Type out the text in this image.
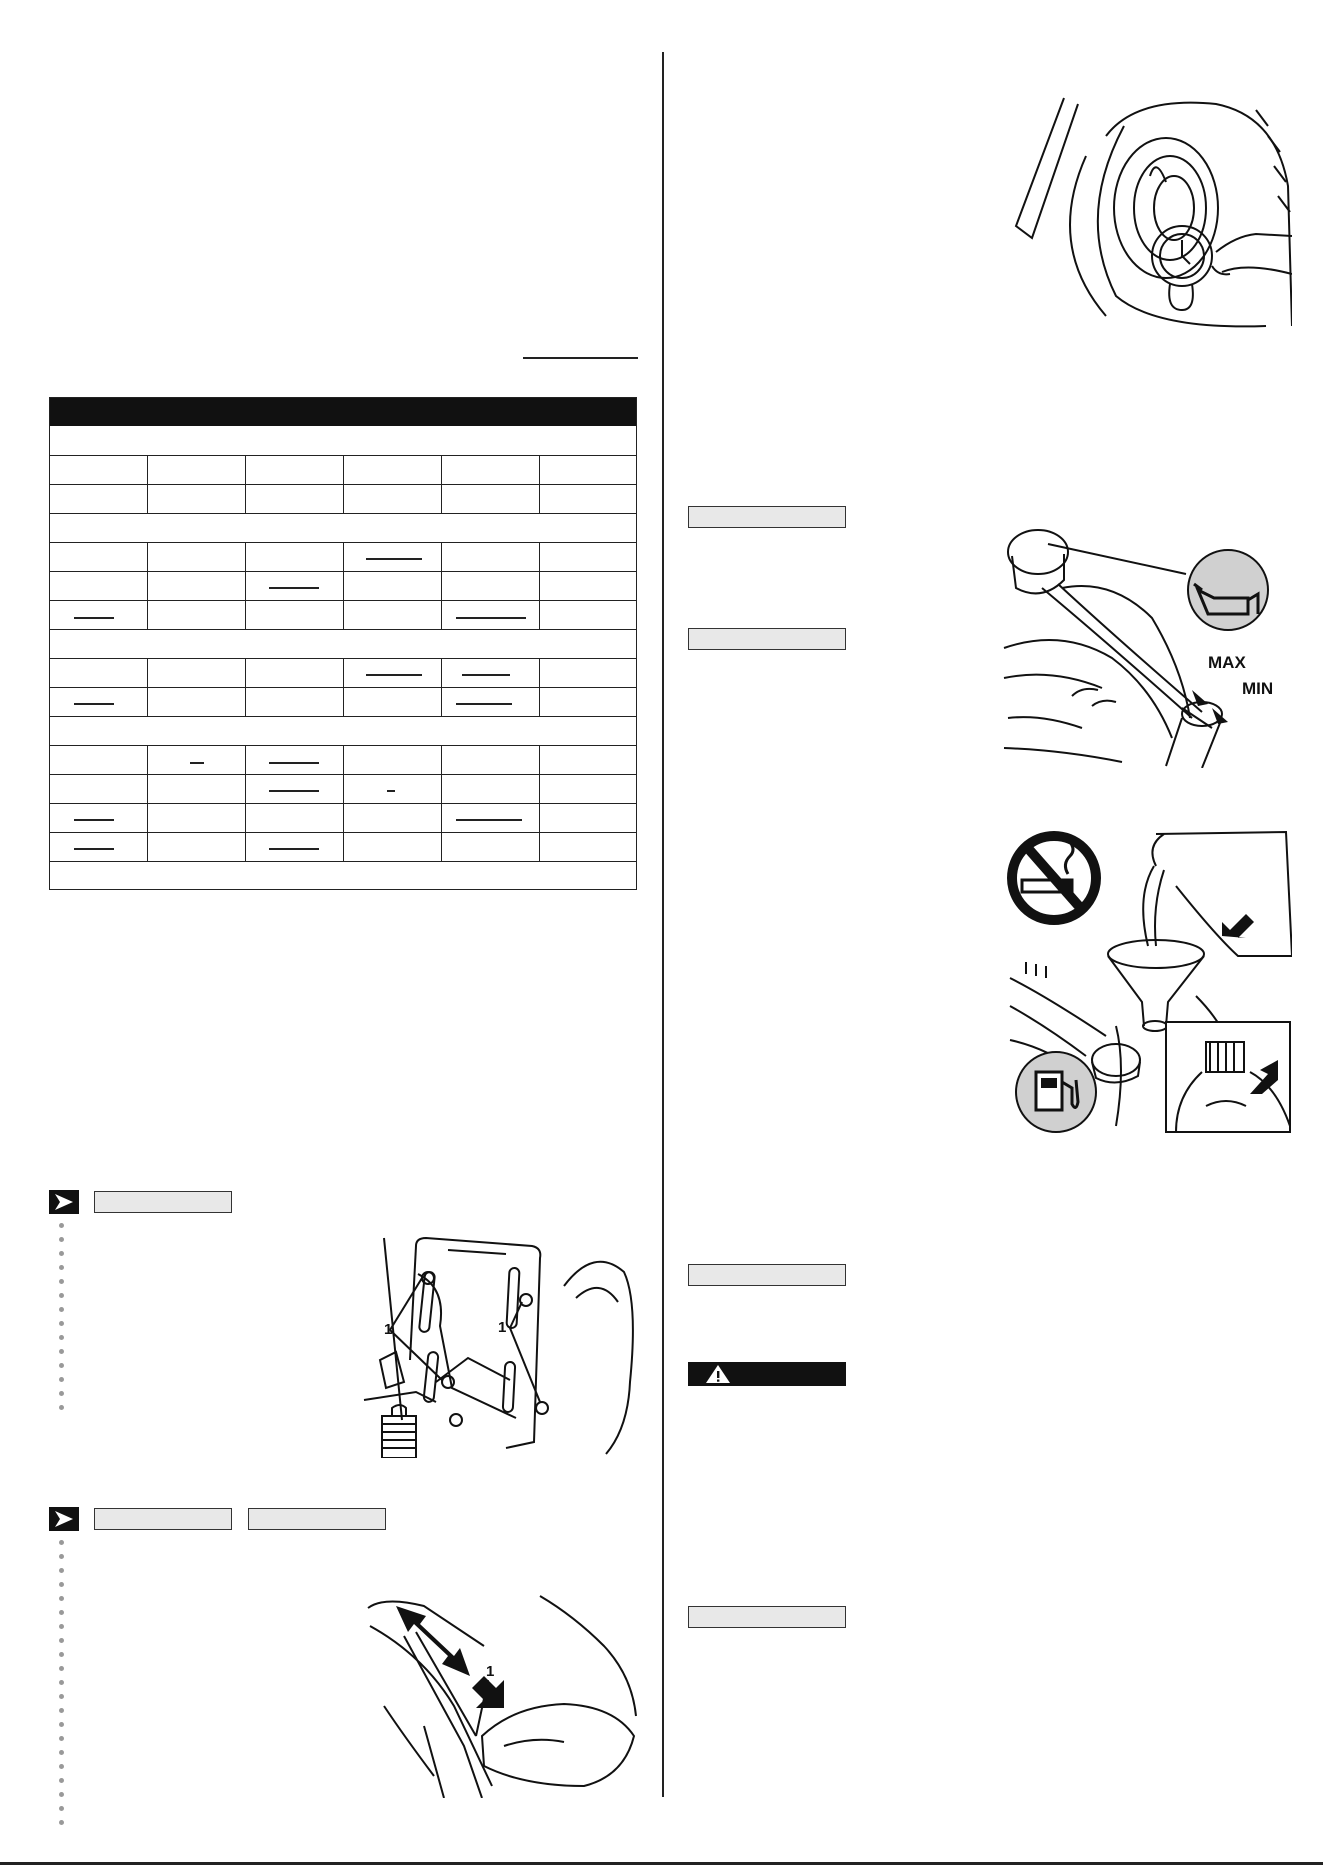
1	1
1
MAX
MIN
